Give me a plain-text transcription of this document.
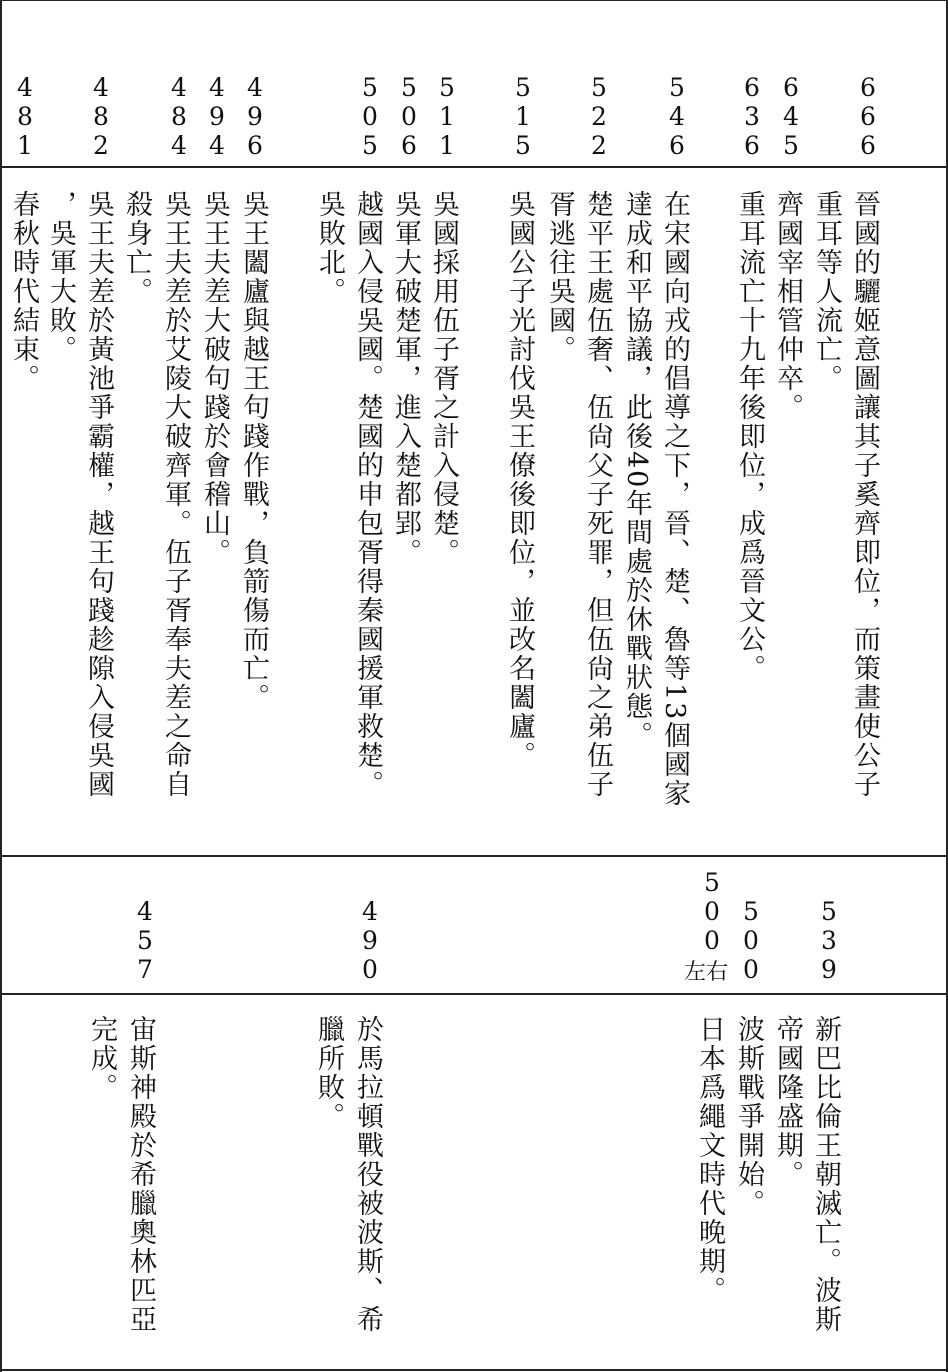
6
6
6
6
4
5
6
3
6
5
4
6
5
2
2
5
1
5
5
1
1
5
0
6
5
0
5
4
9
6
4
9
4
4
8
4
4
8
2
4
8
1
晉國的驪姬意圖讓其子奚齊即位，而策畫使公子
重耳等人流亡。
齊國宰相管仲卒。
重耳流亡十九年後即位，成爲晉文公。
在宋國向戎的倡導之下，晉、楚、魯等13個國家
達成和平協議，此後40年間處於休戰狀態。
楚平王處伍奢、伍尙父子死罪，但伍尙之弟伍子
胥逃往吳國。
吳國公子光討伐吳王僚後即位，並改名闔廬。
吳國採用伍子胥之計入侵楚。
吳軍大破楚軍，進入楚都郢。
越國入侵吳國。楚國的申包胥得秦國援軍救楚。
吳敗北。
吳王闔廬與越王句踐作戰，負箭傷而亡。
吳王夫差大破句踐於會稽山。
吳王夫差於艾陵大破齊軍。伍子胥奉夫差之命自
殺身亡。
吳王夫差於黃池爭霸權，越王句踐趁隙入侵吳國
，吳軍大敗。
春秋時代結束。
5
3
9
5
0
0
5
0
0
左右
4
9
0
4
5
7
新巴比倫王朝滅亡。波斯
帝國隆盛期。
波斯戰爭開始。
日本爲繩文時代晚期。
於馬拉頓戰役被波斯、希
臘所敗。
宙斯神殿於希臘奧林匹亞
完成。
